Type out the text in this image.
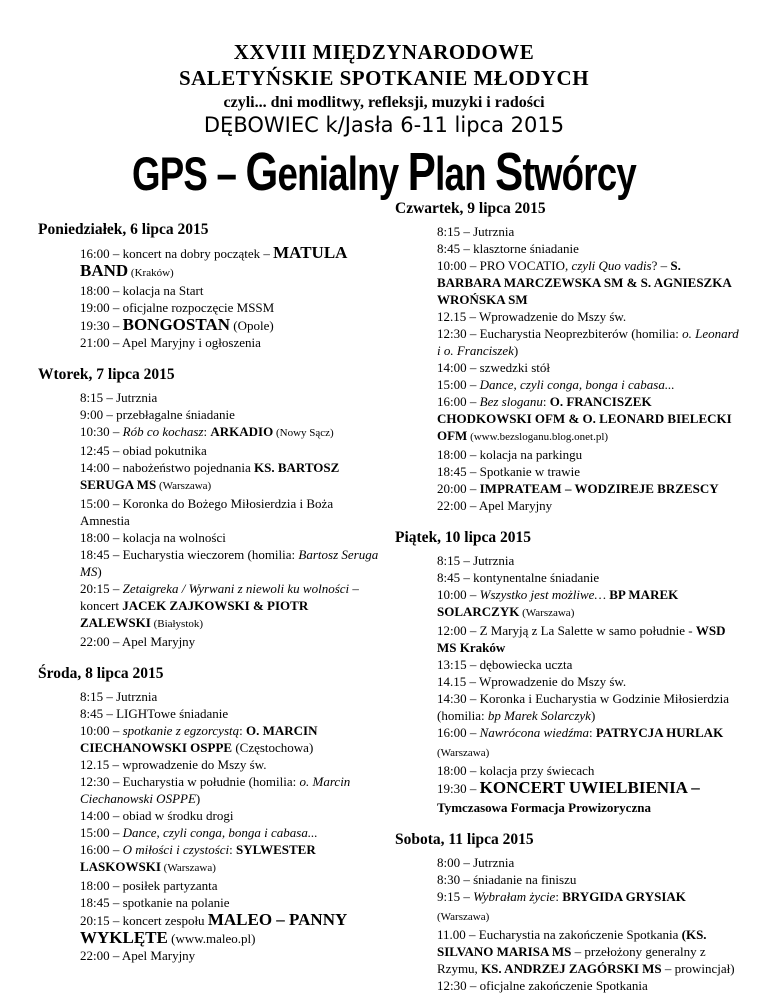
XXVIII MIĘDZYNARODOWE
SALETYŃSKIE SPOTKANIE MŁODYCH
czyli... dni modlitwy, refleksji, muzyki i radości
DĘBOWIEC k/Jasła 6-11 lipca 2015
GPS – Genialny Plan Stwórcy
Poniedziałek, 6 lipca 2015

16:00 – koncert na dobry początek – MATULA BAND (Kraków)

18:00 – kolacja na Start

19:00 – oficjalne rozpoczęcie MSSM

19:30 – BONGOSTAN (Opole)

21:00 – Apel Maryjny i ogłoszenia

Wtorek, 7 lipca 2015

8:15 – Jutrznia

9:00 – przebłagalne śniadanie

10:30 – Rób co kochasz: ARKADIO (Nowy Sącz)

12:45 – obiad pokutnika

14:00 – nabożeństwo pojednania KS. BARTOSZ SERUGA MS (Warszawa)

15:00 – Koronka do Bożego Miłosierdzia i Boża Amnestia

18:00 – kolacja na wolności

18:45 – Eucharystia wieczorem (homilia: Bartosz Seruga MS)

20:15 – Zetaigreka / Wyrwani z niewoli ku wolności – koncert JACEK ZAJKOWSKI & PIOTR ZALEWSKI (Białystok)

22:00 – Apel Maryjny

Środa, 8 lipca 2015

8:15 – Jutrznia

8:45 – LIGHTowe śniadanie

10:00 – spotkanie z egzorcystą: O. MARCIN CIECHANOWSKI OSPPE (Częstochowa)

12.15 – wprowadzenie do Mszy św.

12:30 – Eucharystia w południe (homilia: o. Marcin Ciechanowski OSPPE)

14:00 – obiad w środku drogi

15:00 – Dance, czyli conga, bonga i cabasa...

16:00 – O miłości i czystości: SYLWESTER LASKOWSKI (Warszawa)

18:00 – posiłek partyzanta

18:45 – spotkanie na polanie

20:15 – koncert zespołu MALEO – PANNY WYKLĘTE (www.maleo.pl)

22:00 – Apel Maryjny

Czwartek, 9 lipca 2015

8:15 – Jutrznia

8:45 – klasztorne śniadanie

10:00 – PRO VOCATIO, czyli Quo vadis? – S. BARBARA MARCZEWSKA SM & S. AGNIESZKA WROŃSKA SM

12.15 – Wprowadzenie do Mszy św.

12:30 – Eucharystia Neoprezbiterów (homilia: o. Leonard i o. Franciszek)

14:00 – szwedzki stół

15:00 – Dance, czyli conga, bonga i cabasa...

16:00 – Bez sloganu: O. FRANCISZEK CHODKOWSKI OFM & O. LEONARD BIELECKI OFM (www.bezsloganu.blog.onet.pl)

18:00 – kolacja na parkingu

18:45 – Spotkanie w trawie

20:00 – IMPRATEAM – WODZIREJE BRZESCY

22:00 – Apel Maryjny

Piątek, 10 lipca 2015

8:15 – Jutrznia

8:45 – kontynentalne śniadanie

10:00 – Wszystko jest możliwe… BP MAREK SOLARCZYK (Warszawa)

12:00 – Z Maryją z La Salette w samo południe - WSD MS Kraków

13:15 – dębowiecka uczta

14.15 – Wprowadzenie do Mszy św.

14:30 – Koronka i Eucharystia w Godzinie Miłosierdzia (homilia: bp Marek Solarczyk)

16:00 – Nawrócona wiedźma: PATRYCJA HURLAK (Warszawa)

18:00 – kolacja przy świecach

19:30 – KONCERT UWIELBIENIA –

Tymczasowa Formacja Prowizoryczna

Sobota, 11 lipca 2015

8:00 – Jutrznia

8:30 – śniadanie na finiszu

9:15 – Wybrałam życie: BRYGIDA GRYSIAK (Warszawa)

11.00 – Eucharystia na zakończenie Spotkania (KS. SILVANO MARISA MS – przełożony generalny z Rzymu, KS. ANDRZEJ ZAGÓRSKI MS – prowincjał)

12:30 – oficjalne zakończenie Spotkania
